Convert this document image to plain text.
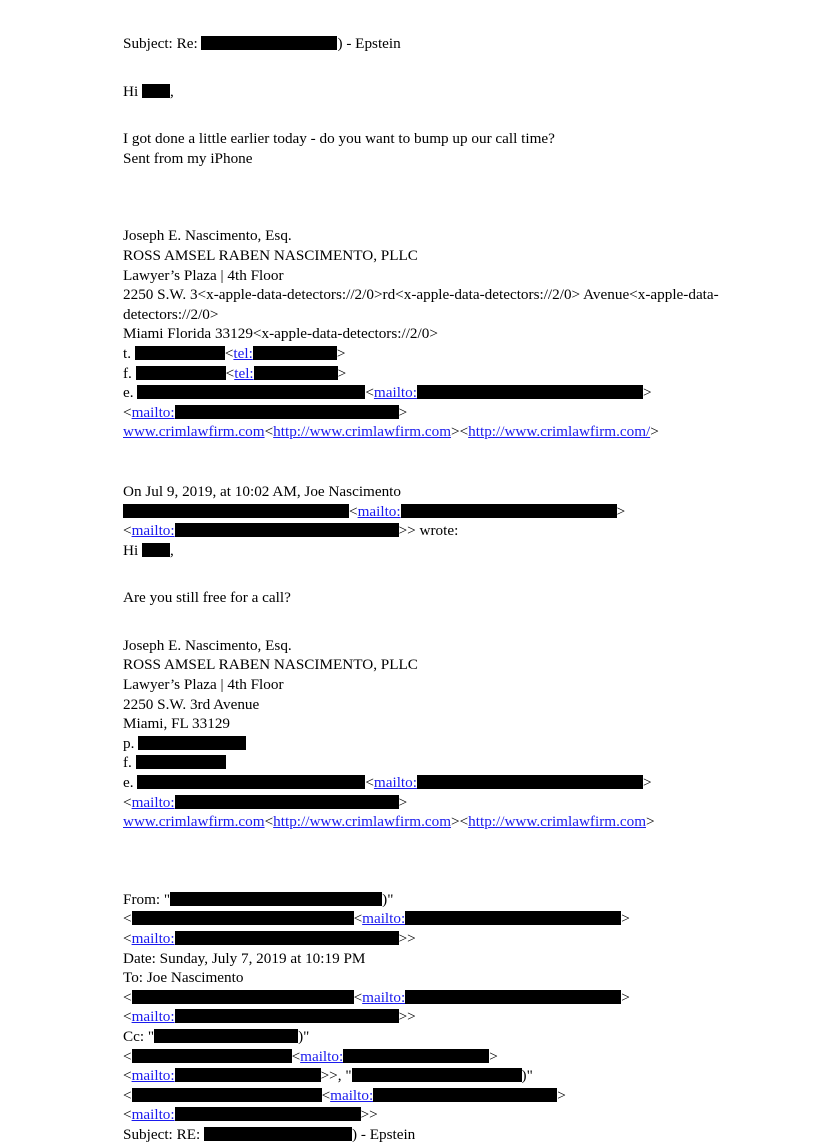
Subject: Re:	) - Epstein
Hi ,
I got done a little earlier today - do you want to bump up our call time?
Sent from my iPhone
Joseph E. Nascimento, Esq.
ROSS AMSEL RABEN NASCIMENTO, PLLC
Lawyer’s Plaza | 4th Floor
2250 S.W. 3<x-apple-data-detectors://2/0>rd<x-apple-data-detectors://2/0> Avenue<x-apple-data-detectors://2/0>
Miami Florida 33129<x-apple-data-detectors://2/0>
t.	<tel:	>
f.	<tel:	>
e.	<mailto:	>
<mailto:	>
www.crimlawfirm.com<http://www.crimlawfirm.com><http://www.crimlawfirm.com/>
On Jul 9, 2019, at 10:02 AM, Joe Nascimento
<mailto:	>
<mailto:	>> wrote:
Hi ,
Are you still free for a call?
Joseph E. Nascimento, Esq.
ROSS AMSEL RABEN NASCIMENTO, PLLC
Lawyer’s Plaza | 4th Floor
2250 S.W. 3rd Avenue
Miami, FL 33129
p.
f.
e.	<mailto:	>
<mailto:	>
www.crimlawfirm.com<http://www.crimlawfirm.com><http://www.crimlawfirm.com>
From: "	)"
<	<mailto:	>
<mailto:	>>
Date: Sunday, July 7, 2019 at 10:19 PM
To: Joe Nascimento
<	<mailto:	>
<mailto:	>>
Cc: "	)"
<	<mailto:	>
<mailto:	>>, "	)"
<	<mailto:	>
<mailto:	>>
Subject: RE:	) - Epstein
